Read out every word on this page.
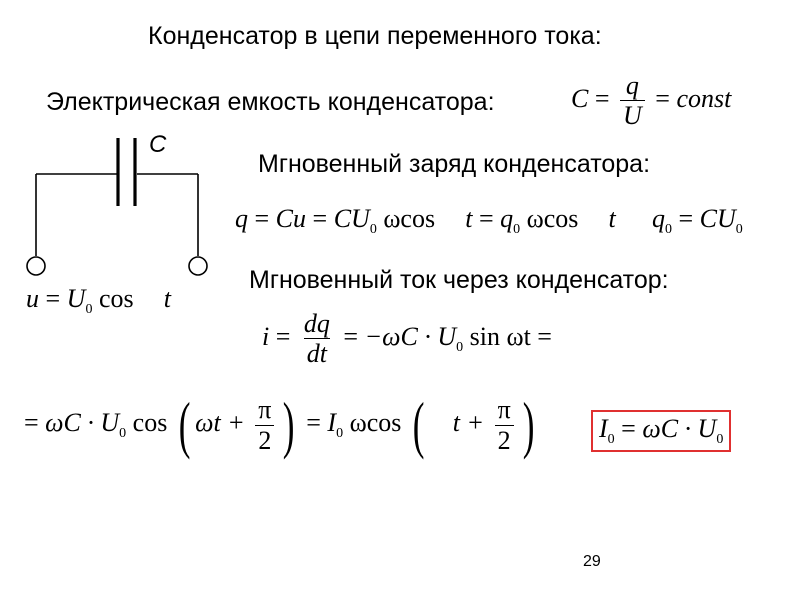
Конденсатор в цепи переменного тока:
Электрическая емкость конденсатора:	$C = \frac{q}{U}$ = const
C
$u = U_0$ cos t
Мгновенный заряд конденсатора:
$q = Cu = CU_0$ ωcos $t = q_0$ ωcos t $q_0 = CU_0$
Мгновенный ток через конденсатор:
$i = \frac{dq}{dt} = -\omega C \cdot U_0$ sin ωt =
= $\omega C \cdot U_0$ cos ( $\omega t + \frac{\pi}{2}$ ) = $I_0$ ωcos ( $t + \frac{\pi}{2}$ )	$I_0 = \omega C \cdot U_0$
29
